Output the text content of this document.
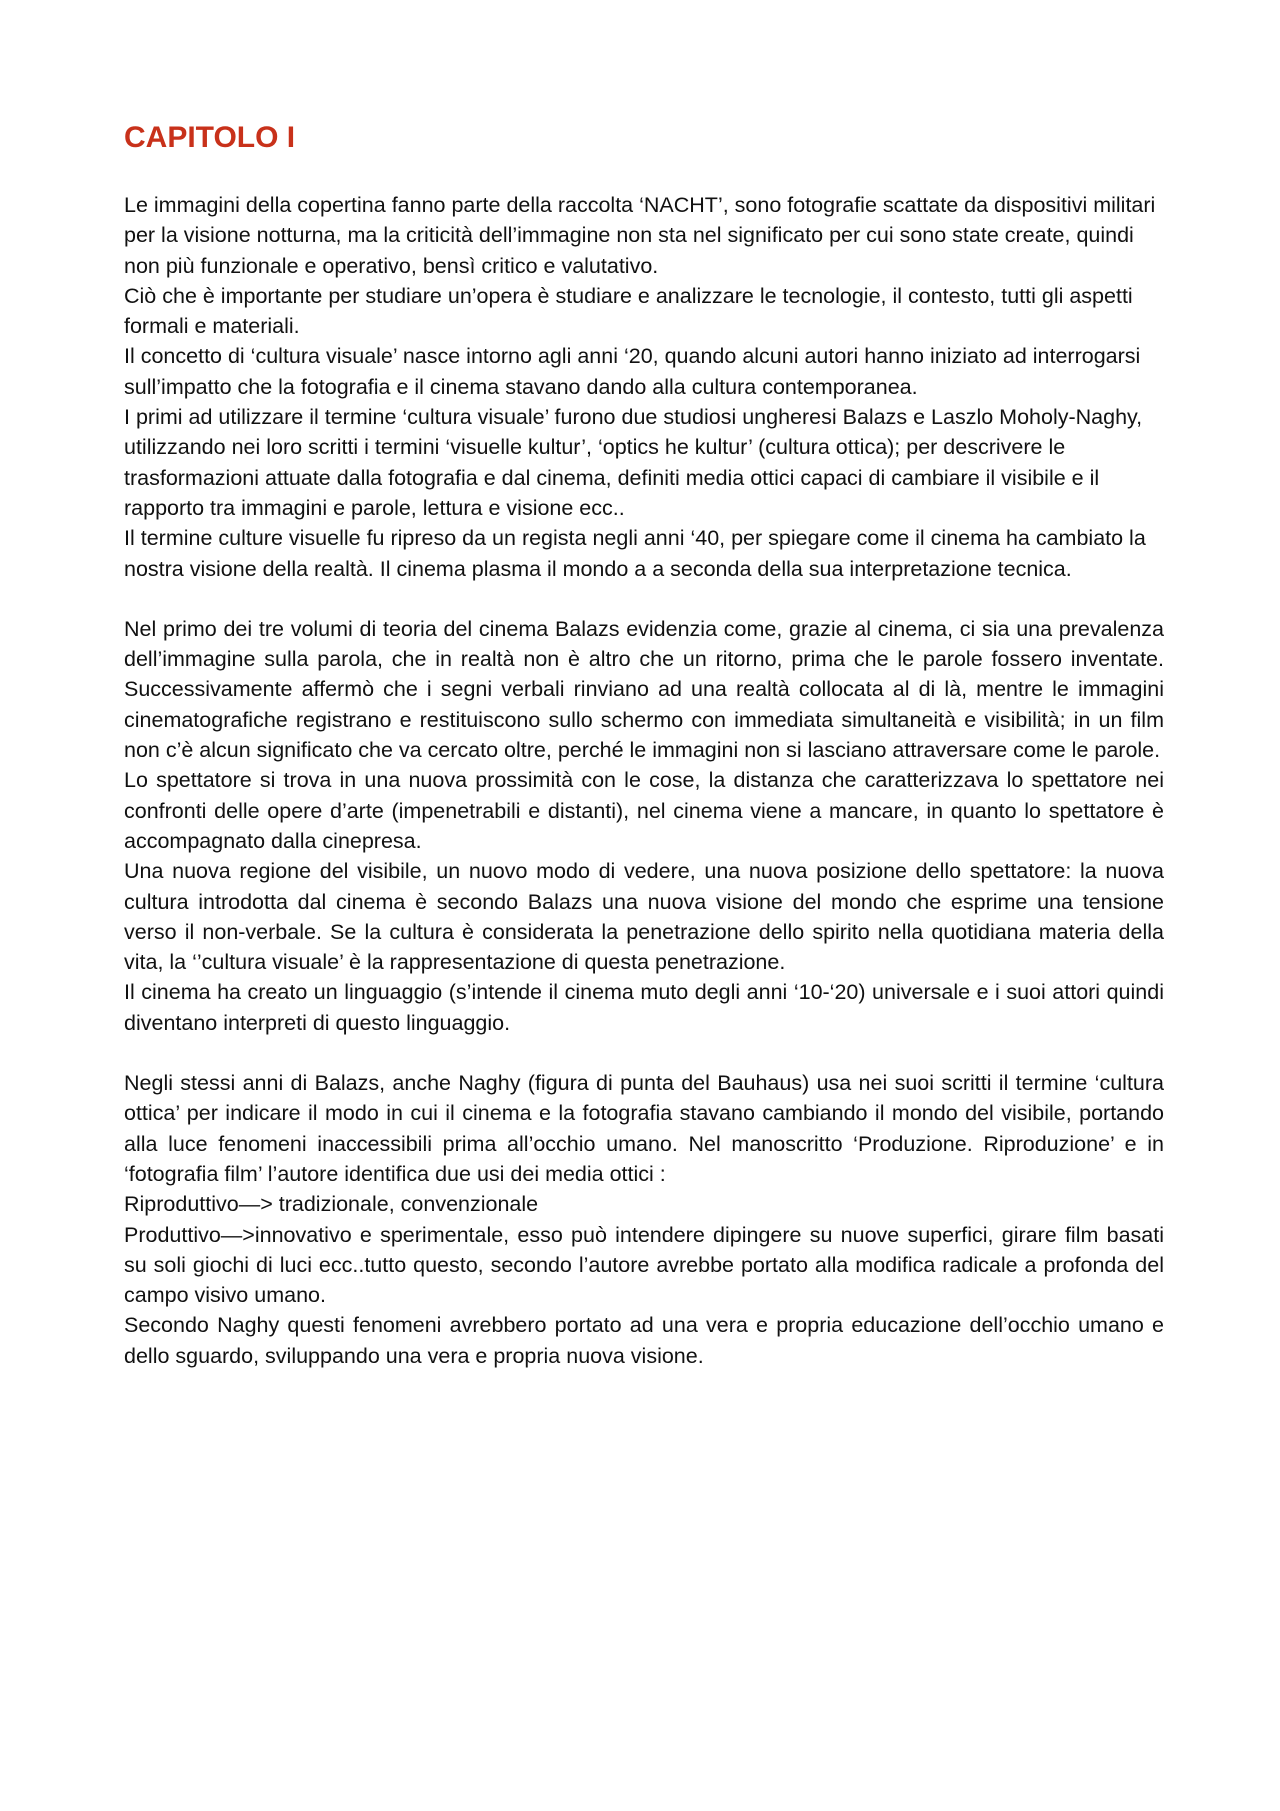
CAPITOLO I

Le immagini della copertina fanno parte della raccolta ‘NACHT’, sono fotografie scattate da dispositivi militari per la visione notturna, ma la criticità dell’immagine non sta nel significato per cui sono state create, quindi non più funzionale e operativo, bensì critico e valutativo.

Ciò che è importante per studiare un’opera è studiare e analizzare le tecnologie, il contesto, tutti gli aspetti formali e materiali.

Il concetto di ‘cultura visuale’ nasce intorno agli anni ‘20, quando alcuni autori hanno iniziato ad interrogarsi sull’impatto che la fotografia e il cinema stavano dando alla cultura contemporanea.

I primi ad utilizzare il termine ‘cultura visuale’ furono due studiosi ungheresi Balazs e Laszlo Moholy-Naghy, utilizzando nei loro scritti i termini ‘visuelle kultur’, ‘optics he kultur’ (cultura ottica); per descrivere le trasformazioni attuate dalla fotografia e dal cinema, definiti media ottici capaci di cambiare il visibile e il rapporto tra immagini e parole, lettura e visione ecc..

Il termine culture visuelle fu ripreso da un regista negli anni ‘40, per spiegare come il cinema ha cambiato la nostra visione della realtà. Il cinema plasma il mondo a a seconda della sua interpretazione tecnica.

Nel primo dei tre volumi di teoria del cinema Balazs evidenzia come, grazie al cinema, ci sia una prevalenza dell’immagine sulla parola, che in realtà non è altro che un ritorno, prima che le parole fossero inventate. Successivamente affermò che i segni verbali rinviano ad una realtà collocata al di là, mentre le immagini cinematografiche registrano e restituiscono sullo schermo con immediata simultaneità e visibilità; in un film non c’è alcun significato che va cercato oltre, perché le immagini non si lasciano attraversare come le parole.

Lo spettatore si trova in una nuova prossimità con le cose, la distanza che caratterizzava lo spettatore nei confronti delle opere d’arte (impenetrabili e distanti), nel cinema viene a mancare, in quanto lo spettatore è accompagnato dalla cinepresa.

Una nuova regione del visibile, un nuovo modo di vedere, una nuova posizione dello spettatore: la nuova cultura introdotta dal cinema è secondo Balazs una nuova visione del mondo che esprime una tensione verso il non-verbale. Se la cultura è considerata la penetrazione dello spirito nella quotidiana materia della vita, la ‘’cultura visuale’ è la rappresentazione di questa penetrazione.

Il cinema ha creato un linguaggio (s’intende il cinema muto degli anni ‘10-‘20) universale e i suoi attori quindi diventano interpreti di questo linguaggio.

Negli stessi anni di Balazs, anche Naghy (figura di punta del Bauhaus) usa nei suoi scritti il termine ‘cultura ottica’ per indicare il modo in cui il cinema e la fotografia stavano cambiando il mondo del visibile, portando alla luce fenomeni inaccessibili prima all’occhio umano. Nel manoscritto ‘Produzione. Riproduzione’ e in ‘fotografia film’ l’autore identifica due usi dei media ottici :

Riproduttivo—> tradizionale, convenzionale

Produttivo—>innovativo e sperimentale, esso può intendere dipingere su nuove superfici, girare film basati su soli giochi di luci ecc..tutto questo, secondo l’autore avrebbe portato alla modifica radicale a profonda del campo visivo umano.

Secondo Naghy questi fenomeni avrebbero portato ad una vera e propria educazione dell’occhio umano e dello sguardo, sviluppando una vera e propria nuova visione.
